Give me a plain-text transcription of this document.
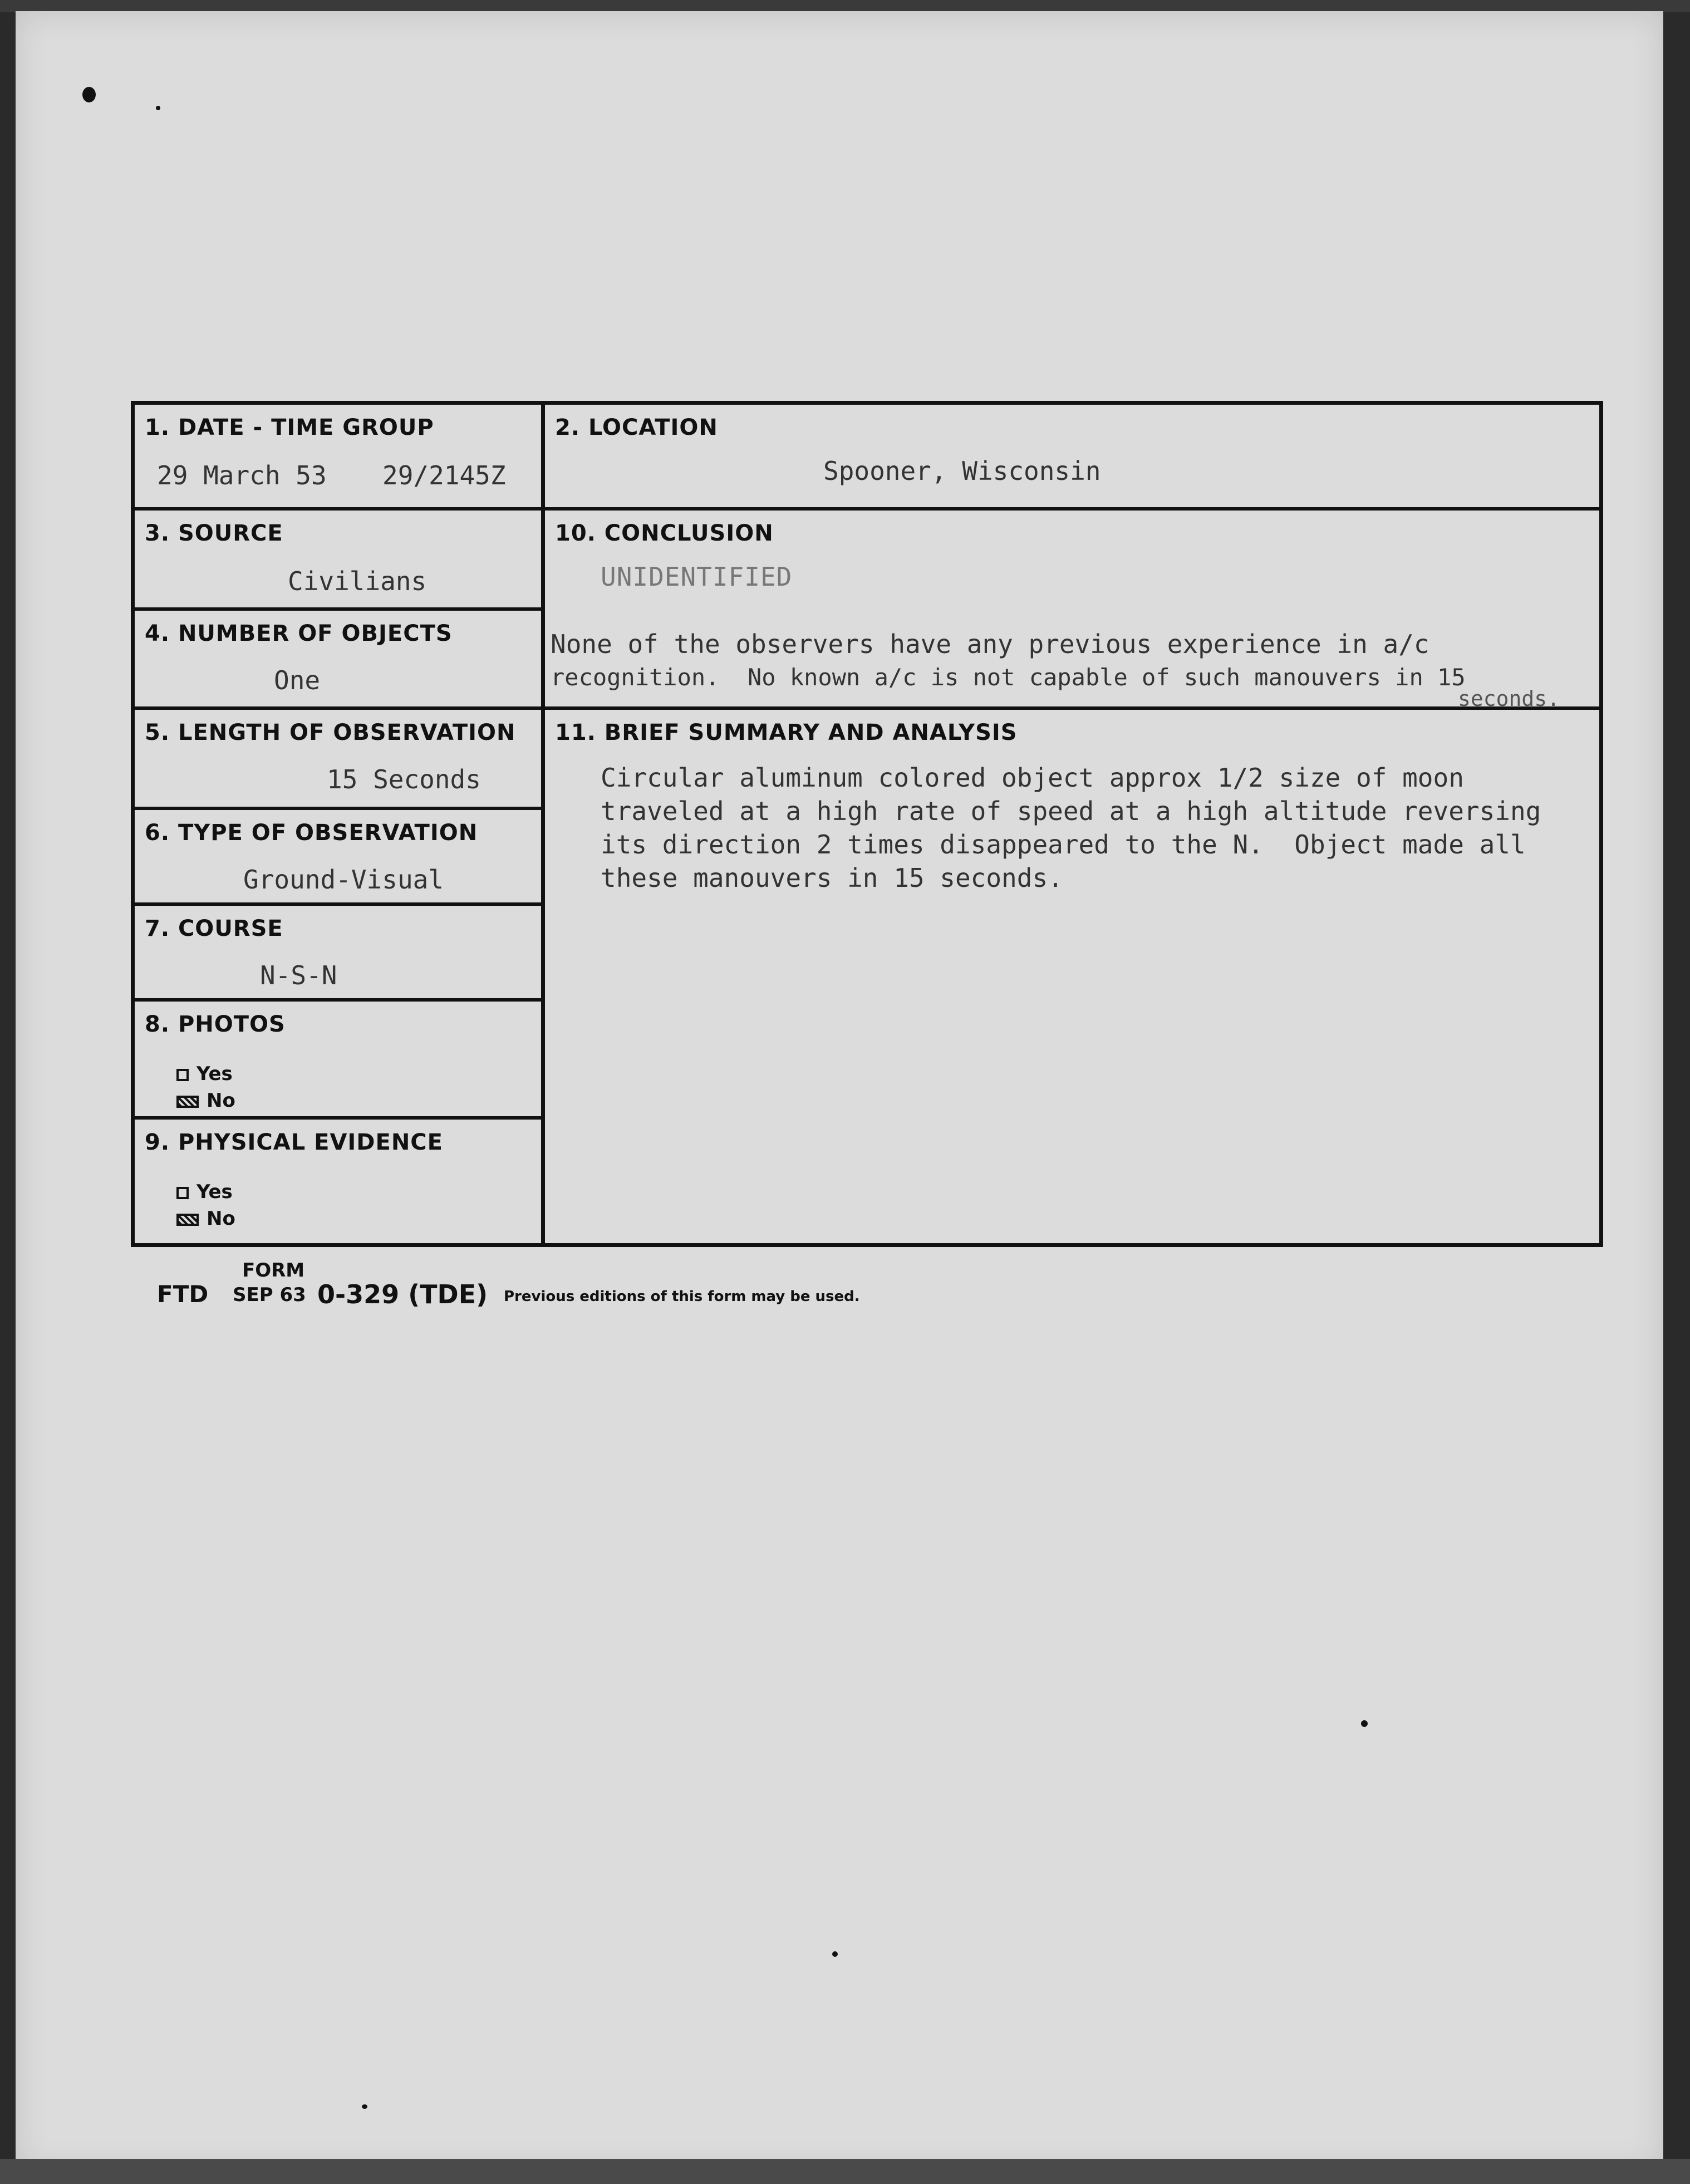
1. DATE - TIME GROUP
29 March 53 29/2145Z
3. SOURCE
Civilians
4. NUMBER OF OBJECTS
One
5. LENGTH OF OBSERVATION
15 Seconds
6. TYPE OF OBSERVATION
Ground-Visual
7. COURSE
N-S-N
8. PHOTOS
Yes
No
9. PHYSICAL EVIDENCE
Yes
No
2. LOCATION
Spooner, Wisconsin
10. CONCLUSION
UNIDENTIFIED
None of the observers have any previous experience in a/c
recognition.  No known a/c is not capable of such manouvers in 15
seconds.
11. BRIEF SUMMARY AND ANALYSIS
Circular aluminum colored object approx 1/2 size of moon
traveled at a high rate of speed at a high altitude reversing
its direction 2 times disappeared to the N.  Object made all
these manouvers in 15 seconds.
FORM
FTD SEP 63 0-329 (TDE) Previous editions of this form may be used.
